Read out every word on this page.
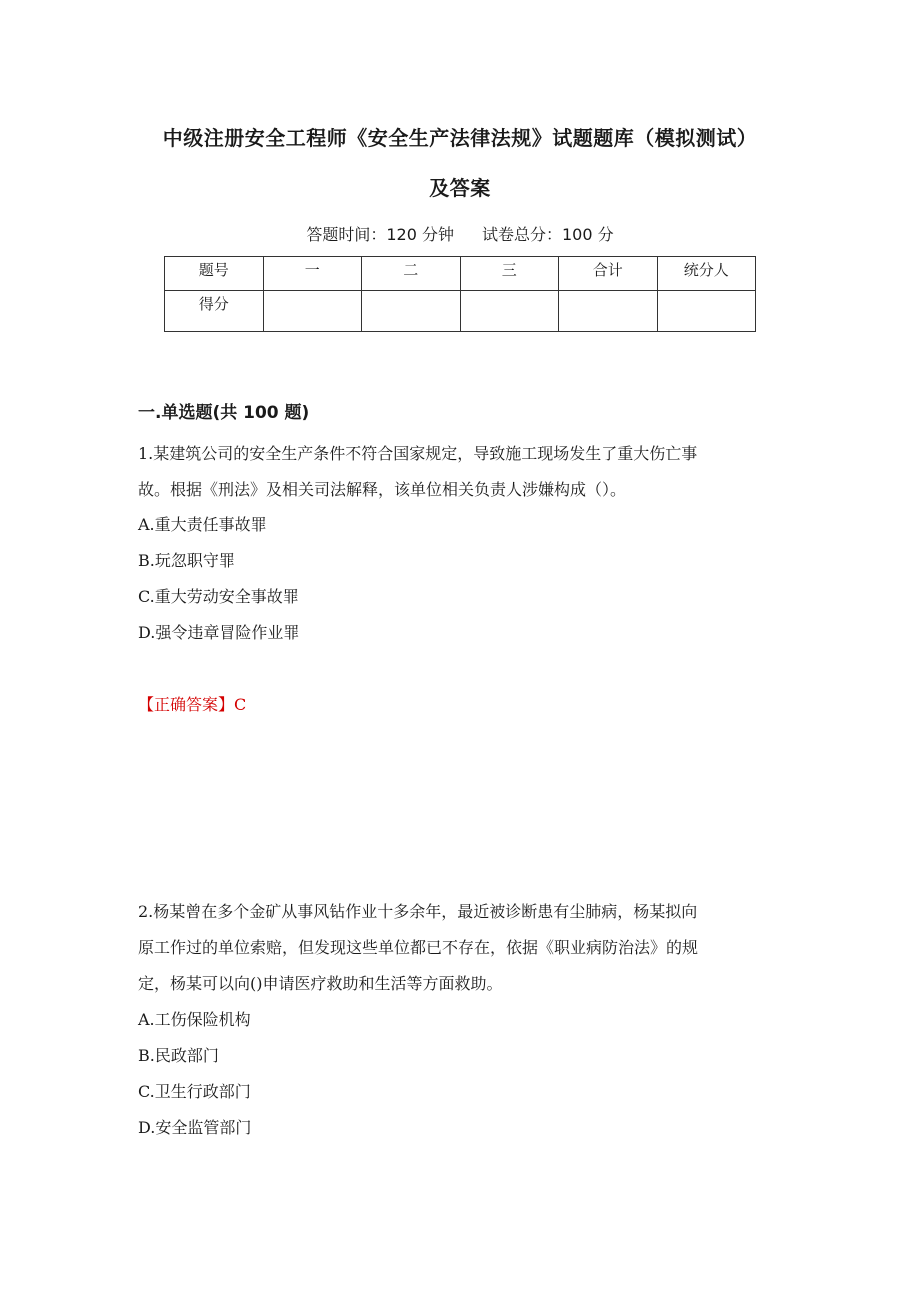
中级注册安全工程师《安全生产法律法规》试题题库（模拟测试）
及答案
答题时间：120 分钟 试卷总分：100 分
题号	一	二	三	合计	统分人
得分					
一.单选题(共 100 题)
1.某建筑公司的安全生产条件不符合国家规定，导致施工现场发生了重大伤亡事
故。根据《刑法》及相关司法解释，该单位相关负责人涉嫌构成（）。
A.重大责任事故罪
B.玩忽职守罪
C.重大劳动安全事故罪
D.强令违章冒险作业罪
【正确答案】C
2.杨某曾在多个金矿从事风钻作业十多余年，最近被诊断患有尘肺病，杨某拟向
原工作过的单位索赔，但发现这些单位都已不存在，依据《职业病防治法》的规
定，杨某可以向()申请医疗救助和生活等方面救助。
A.工伤保险机构
B.民政部门
C.卫生行政部门
D.安全监管部门
